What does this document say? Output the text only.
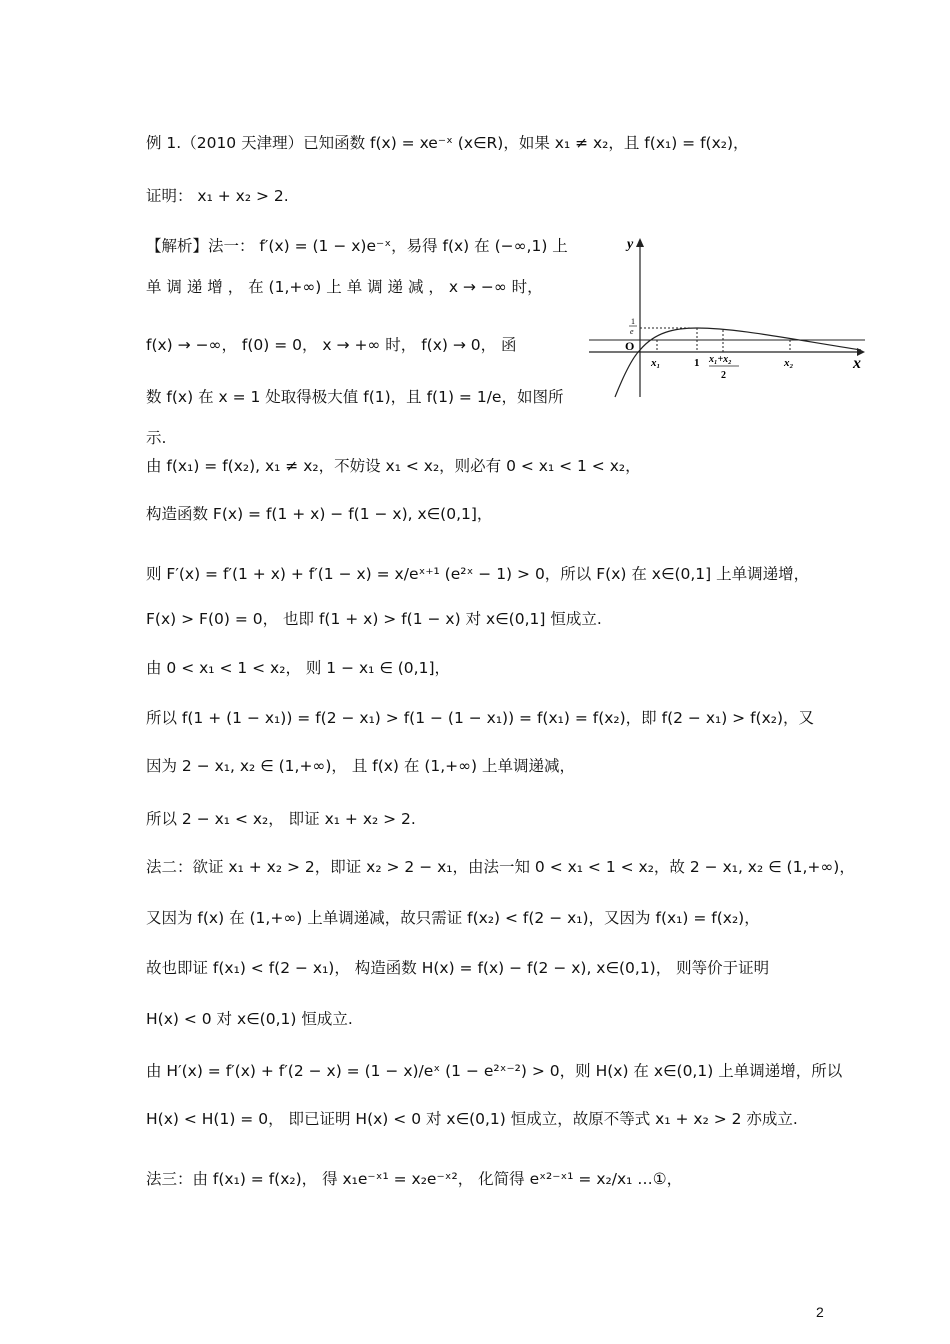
例 1.（2010 天津理）已知函数 f(x) = xe⁻ˣ (x∈R)，如果 x₁ ≠ x₂，且 f(x₁) = f(x₂)，
证明： x₁ + x₂ > 2.
【解析】法一： f′(x) = (1 − x)e⁻ˣ，易得 f(x) 在 (−∞,1) 上
单 调 递 增 ， 在 (1,+∞) 上 单 调 递 减 ， x → −∞ 时，
f(x) → −∞， f(0) = 0， x → +∞ 时， f(x) → 0， 函
数 f(x) 在 x = 1 处取得极大值 f(1)，且 f(1) = 1/e，如图所
示.
由 f(x₁) = f(x₂), x₁ ≠ x₂，不妨设 x₁ < x₂，则必有 0 < x₁ < 1 < x₂，
构造函数 F(x) = f(1 + x) − f(1 − x), x∈(0,1]，
则 F′(x) = f′(1 + x) + f′(1 − x) = x/eˣ⁺¹ (e²ˣ − 1) > 0，所以 F(x) 在 x∈(0,1] 上单调递增，
F(x) > F(0) = 0， 也即 f(1 + x) > f(1 − x) 对 x∈(0,1] 恒成立.
由 0 < x₁ < 1 < x₂， 则 1 − x₁ ∈ (0,1]，
所以 f(1 + (1 − x₁)) = f(2 − x₁) > f(1 − (1 − x₁)) = f(x₁) = f(x₂)，即 f(2 − x₁) > f(x₂)，又
因为 2 − x₁, x₂ ∈ (1,+∞)， 且 f(x) 在 (1,+∞) 上单调递减，
所以 2 − x₁ < x₂， 即证 x₁ + x₂ > 2.
法二：欲证 x₁ + x₂ > 2，即证 x₂ > 2 − x₁，由法一知 0 < x₁ < 1 < x₂，故 2 − x₁, x₂ ∈ (1,+∞)，
又因为 f(x) 在 (1,+∞) 上单调递减，故只需证 f(x₂) < f(2 − x₁)，又因为 f(x₁) = f(x₂)，
故也即证 f(x₁) < f(2 − x₁)， 构造函数 H(x) = f(x) − f(2 − x), x∈(0,1)， 则等价于证明
H(x) < 0 对 x∈(0,1) 恒成立.
由 H′(x) = f′(x) + f′(2 − x) = (1 − x)/eˣ (1 − e²ˣ⁻²) > 0，则 H(x) 在 x∈(0,1) 上单调递增，所以
H(x) < H(1) = 0， 即已证明 H(x) < 0 对 x∈(0,1) 恒成立，故原不等式 x₁ + x₂ > 2 亦成立.
法三：由 f(x₁) = f(x₂)， 得 x₁e⁻ˣ¹ = x₂e⁻ˣ²， 化简得 eˣ²⁻ˣ¹ = x₂/x₁ …①，
y
x
O
1
e
x₁	1 x₁+x₂
2
x₂
2
